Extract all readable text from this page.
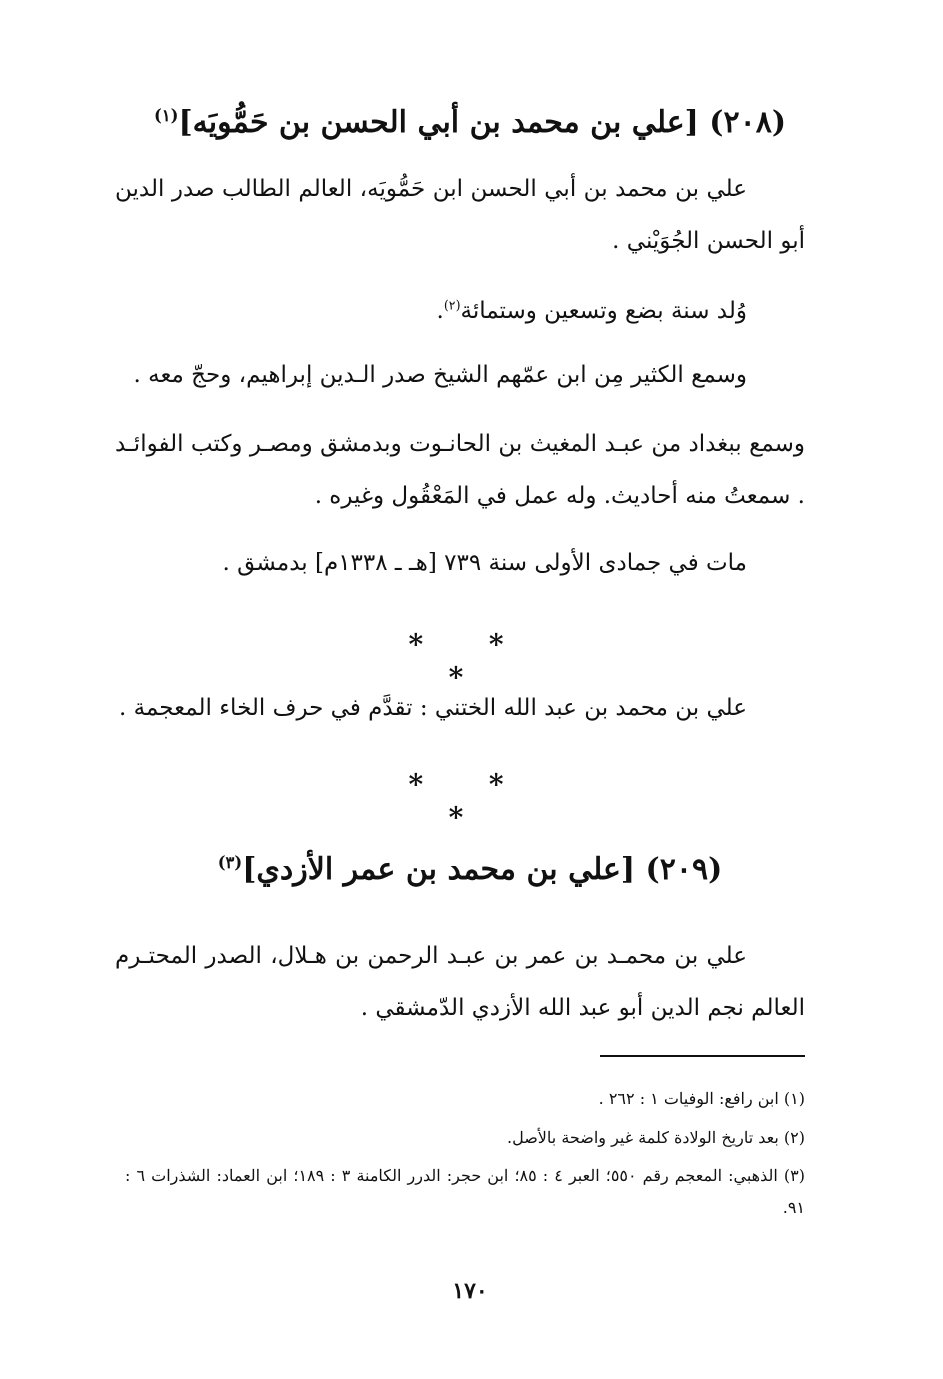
(٢٠٨) [علي بن محمد بن أبي الحسن بن حَمُّويَه]$^{(١)}$
علي بن محمد بن أبي الحسن ابن حَمُّويَه، العالم الطالب صدر الدين أبو الحسن الجُوَيْني .
وُلد سنة بضع وتسعين وستمائة$^{(٢)}$.
وسمع الكثير مِن ابن عمّهم الشيخ صدر الـدين إبراهيم، وحجّ معه .
وسمع ببغداد من عبـد المغيث بن الحانـوت وبدمشق ومصـر وكتب الفوائـد . سمعتُ منه أحاديث. وله عمل في المَعْقُول وغيره .
مات في جمادى الأولى سنة ٧٣٩ [هـ ـ ١٣٣٨م] بدمشق .
* * *
علي بن محمد بن عبد الله الختني : تقدَّم في حرف الخاء المعجمة .
* * *
(٢٠٩) [علي بن محمد بن عمر الأزدي]$^{(٣)}$
علي بن محمـد بن عمر بن عبـد الرحمن بن هـلال، الصدر المحتـرم العالم نجم الدين أبو عبد الله الأزدي الدّمشقي .
(١) ابن رافع: الوفيات ١ : ٢٦٢ .
(٢) بعد تاريخ الولادة كلمة غير واضحة بالأصل.
(٣) الذهبي: المعجم رقم ٥٥٠؛ العبر ٤ : ٨٥؛ ابن حجر: الدرر الكامنة ٣ : ١٨٩؛ ابن العماد: الشذرات ٦ : ٩١.
١٧٠
